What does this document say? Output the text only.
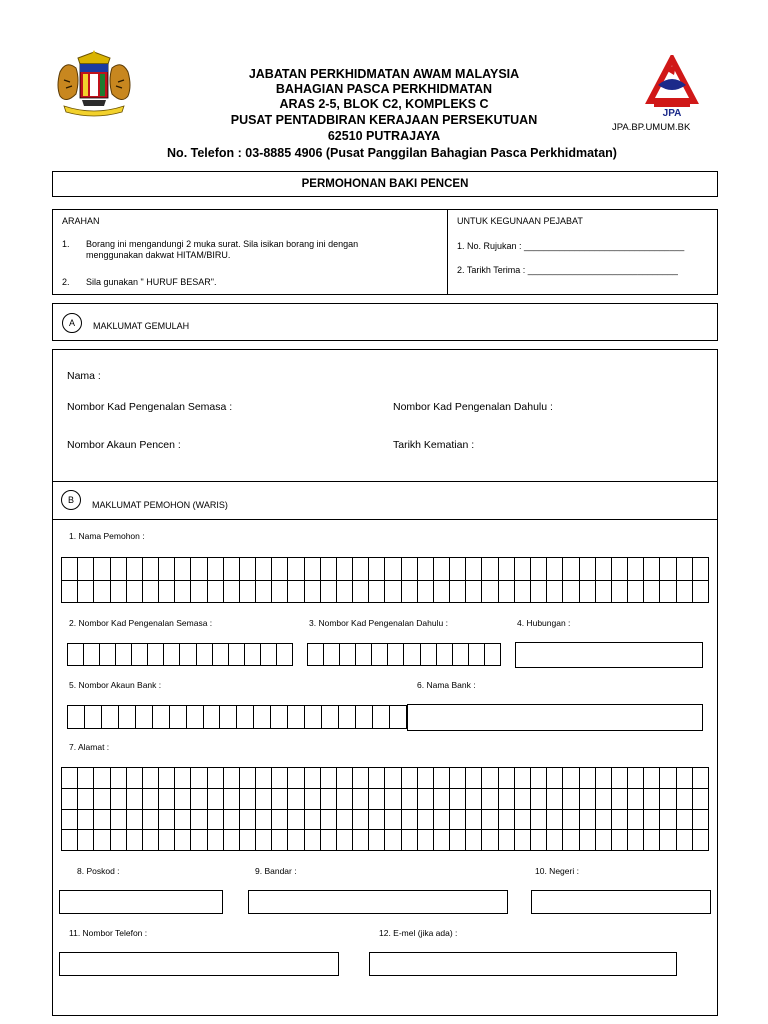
JABATAN PERKHIDMATAN AWAM MALAYSIA
BAHAGIAN PASCA PERKHIDMATAN
ARAS 2-5, BLOK C2, KOMPLEKS C
PUSAT PENTADBIRAN KERAJAAN PERSEKUTUAN
62510 PUTRAJAYA
No. Telefon : 03-8885 4906 (Pusat Panggilan Bahagian Pasca Perkhidmatan)
JPA
JPA.BP.UMUM.BK
PERMOHONAN BAKI PENCEN
ARAHAN
1. Borang ini mengandungi 2 muka surat. Sila isikan borang ini dengan menggunakan dakwat HITAM/BIRU.
2. Sila gunakan " HURUF BESAR".
UNTUK KEGUNAAN PEJABAT
1. No. Rujukan : ________________________________
2. Tarikh Terima : ______________________________
A	MAKLUMAT GEMULAH
Nama :
Nombor Kad Pengenalan Semasa :	Nombor Kad Pengenalan Dahulu :
Nombor Akaun Pencen :	Tarikh Kematian :
B	MAKLUMAT PEMOHON (WARIS)
1. Nama Pemohon :

2. Nombor Kad Pengenalan Semasa :	3. Nombor Kad Pengenalan Dahulu :	4. Hubungan :

5. Nombor Akaun Bank :	6. Nama Bank :

7. Alamat :

8. Poskod :	9. Bandar :	10. Negeri :
11. Nombor Telefon :	12. E-mel (jika ada) :
